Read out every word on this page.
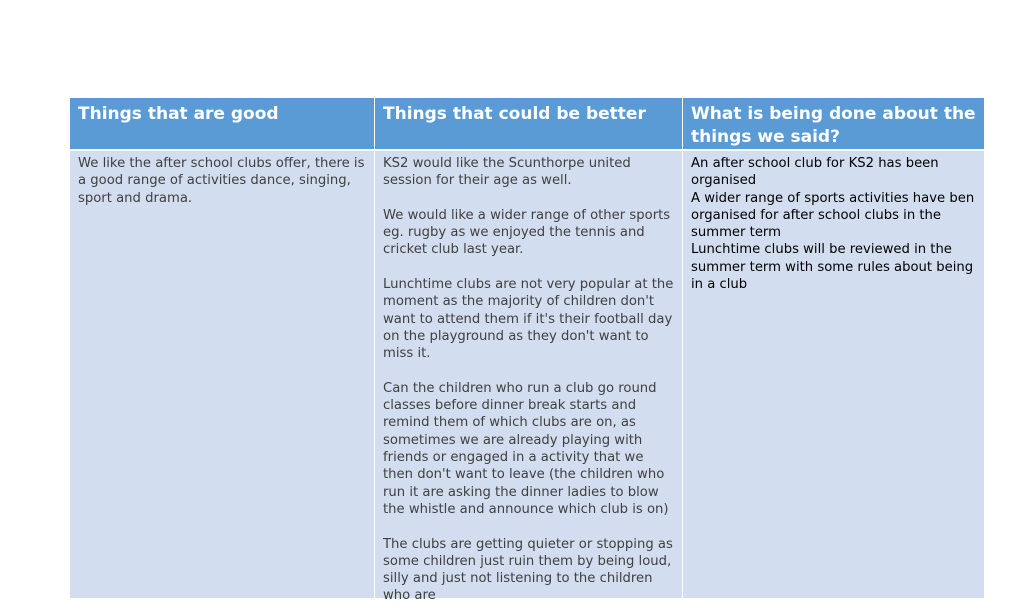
Things that are good

We like the after school clubs offer, there is a good range of activities dance, singing, sport and drama.

Things that could be better

KS2 would like the Scunthorpe united session for their age as well.

We would like a wider range of other sports eg. rugby as we enjoyed the tennis and cricket club last year.

Lunchtime clubs are not very popular at the moment as the majority of children don't want to attend them if it's their football day on the playground as they don't want to miss it.

Can the children who run a club go round classes before dinner break starts and remind them of which clubs are on, as sometimes we are already playing with friends or engaged in a activity that we then don't want to leave (the children who run it are asking the dinner ladies to blow the whistle and announce which club is on)

The clubs are getting quieter or stopping as some children just ruin them by being loud, silly and just not listening to the children who are

What is being done about the things we said?

An after school club for KS2 has been organised

A wider range of sports activities have ben organised for after school clubs in the summer term

Lunchtime clubs will be reviewed in the summer term with some rules about being in a club
